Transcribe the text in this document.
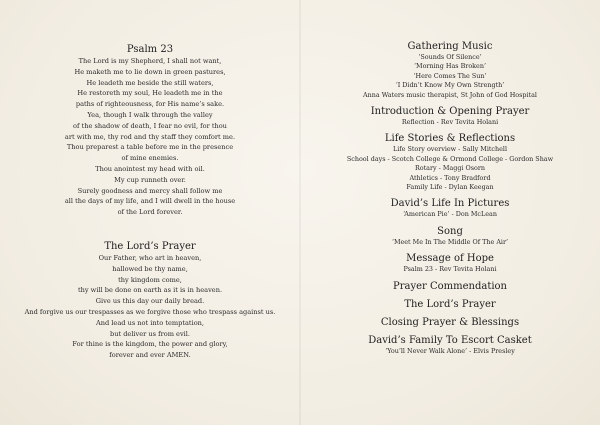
Psalm 23
The Lord is my Shepherd, I shall not want,
He maketh me to lie down in green pastures,
He leadeth me beside the still waters,
He restoreth my soul, He leadeth me in the
paths of righteousness, for His name’s sake.
Yea, though I walk through the valley
of the shadow of death, I fear no evil, for thou
art with me, thy rod and thy staff they comfort me.
Thou preparest a table before me in the presence
of mine enemies.
Thou anointest my head with oil.
My cup runneth over.
Surely goodness and mercy shall follow me
all the days of my life, and I will dwell in the house
of the Lord forever.
The Lord’s Prayer
Our Father, who art in heaven,
hallowed be thy name,
thy kingdom come,
thy will be done on earth as it is in heaven.
Give us this day our daily bread.
And forgive us our trespasses as we forgive those who trespass against us.
And lead us not into temptation,
but deliver us from evil.
For thine is the kingdom, the power and glory,
forever and ever AMEN.
Gathering Music
‘Sounds Of Silence’
‘Morning Has Broken’
‘Here Comes The Sun’
‘I Didn’t Know My Own Strength’
Anna Waters music therapist, St John of God Hospital
Introduction & Opening Prayer
Reflection - Rev Tevita Holani
Life Stories & Reflections
Life Story overview - Sally Mitchell
School days - Scotch College & Ormond College - Gordon Shaw
Rotary - Maggi Osorn
Athletics - Tony Bradford
Family Life - Dylan Keegan
David’s Life In Pictures
‘American Pie’ - Don McLean
Song
‘Meet Me In The Middle Of The Air’
Message of Hope
Psalm 23 - Rev Tevita Holani
Prayer Commendation
The Lord’s Prayer
Closing Prayer & Blessings
David’s Family To Escort Casket
‘You’ll Never Walk Alone’ - Elvis Presley
